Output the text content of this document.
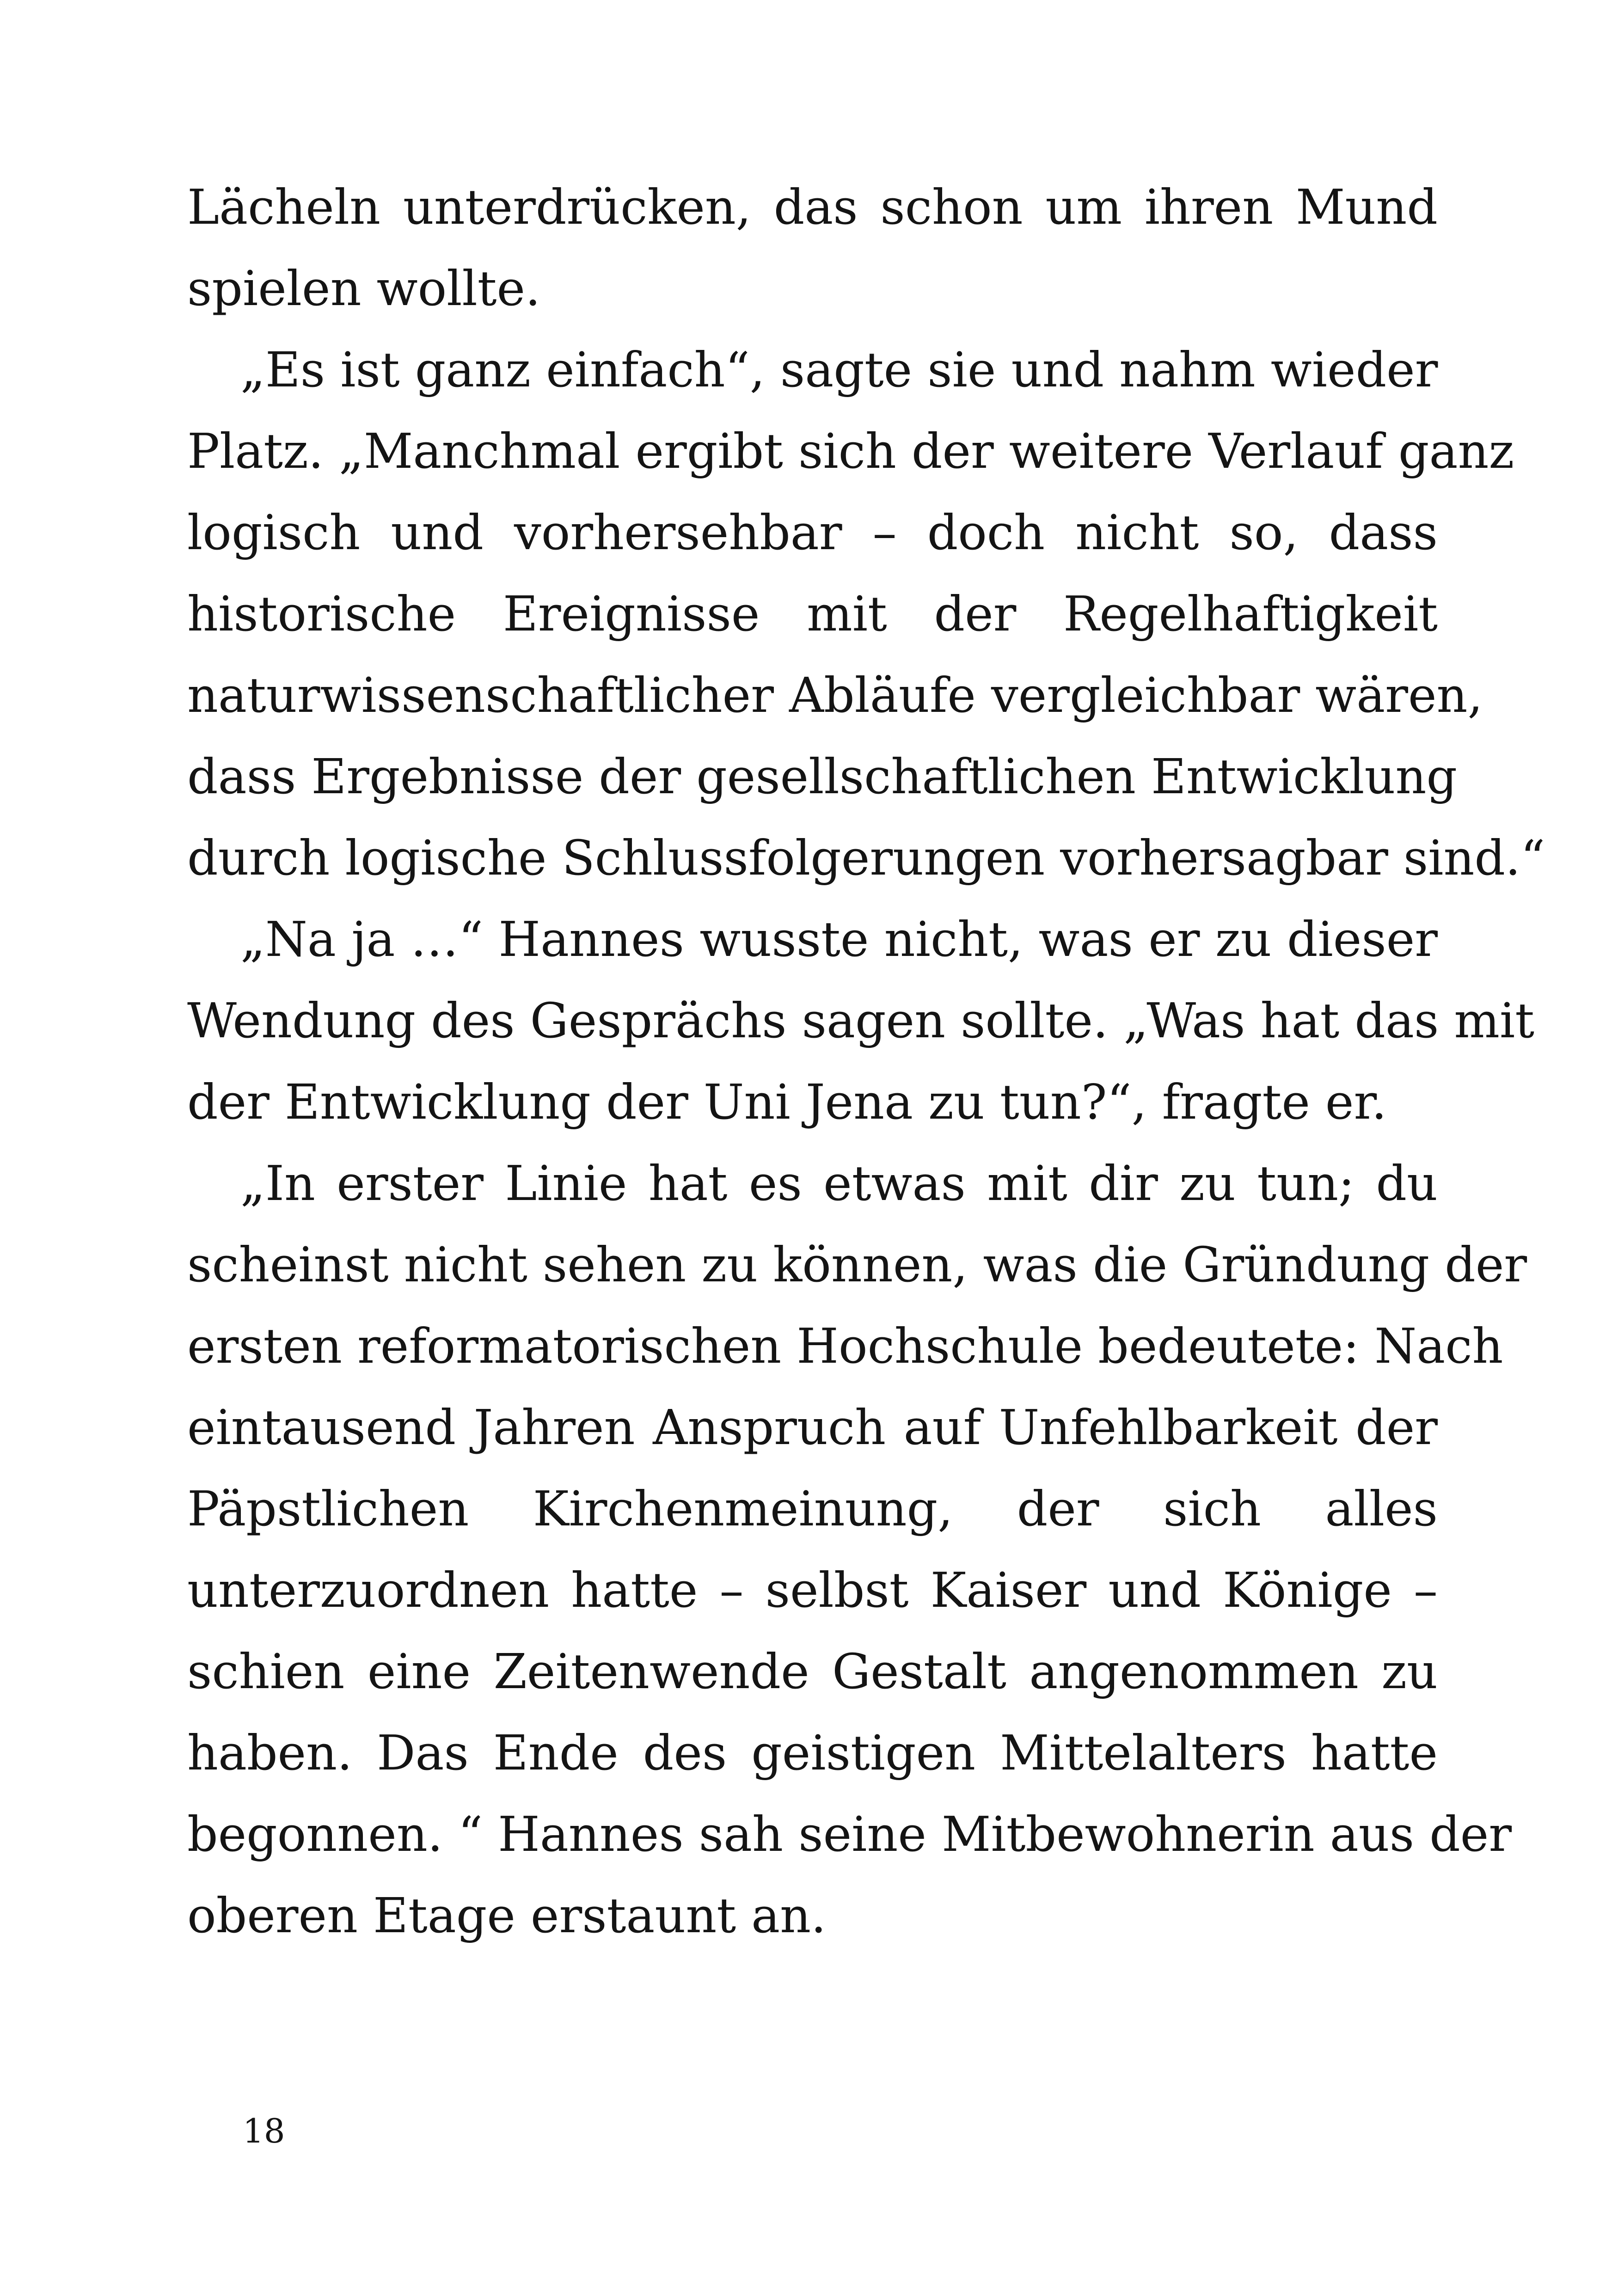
Lächeln unterdrücken, das schon um ihren Mund
spielen wollte.
„Es ist ganz einfach“, sagte sie und nahm wieder
Platz. „Manchmal ergibt sich der weitere Verlauf ganz
logisch und vorhersehbar – doch nicht so, dass
historische Ereignisse mit der Regelhaftigkeit
naturwissenschaftlicher Abläufe vergleichbar wären,
dass Ergebnisse der gesellschaftlichen Entwicklung
durch logische Schlussfolgerungen vorhersagbar sind.“
„Na ja …“ Hannes wusste nicht, was er zu dieser
Wendung des Gesprächs sagen sollte. „Was hat das mit
der Entwicklung der Uni Jena zu tun?“, fragte er.
„In erster Linie hat es etwas mit dir zu tun; du
scheinst nicht sehen zu können, was die Gründung der
ersten reformatorischen Hochschule bedeutete: Nach
eintausend Jahren Anspruch auf Unfehlbarkeit der
Päpstlichen Kirchenmeinung, der sich alles
unterzuordnen hatte – selbst Kaiser und Könige –
schien eine Zeitenwende Gestalt angenommen zu
haben. Das Ende des geistigen Mittelalters hatte
begonnen. “ Hannes sah seine Mitbewohnerin aus der
oberen Etage erstaunt an.
18
